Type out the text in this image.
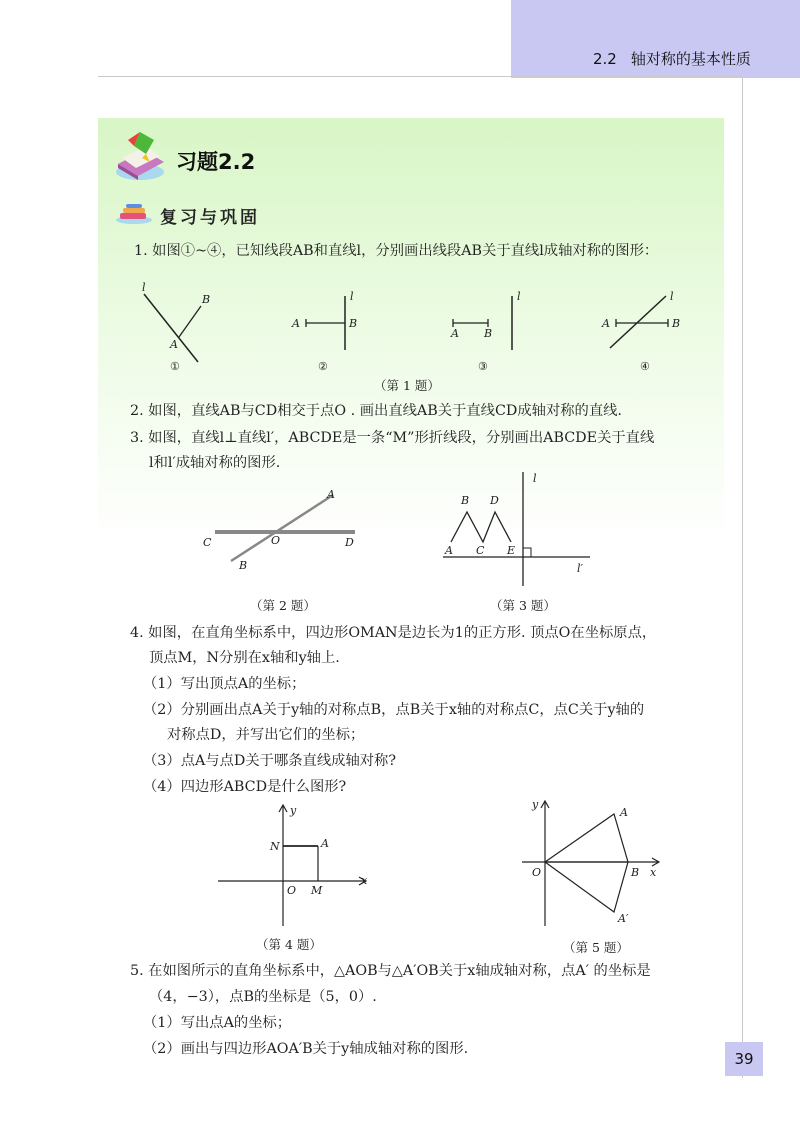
2.2 轴对称的基本性质
习题2.2
复习与巩固
1. 如图①~④，已知线段AB和直线l，分别画出线段AB关于直线l成轴对称的图形：
l
B
A
①
l
A	B
②
l
A B
③
l
A	B
④
（第 1 题）
2. 如图，直线AB与CD相交于点O . 画出直线AB关于直线CD成轴对称的直线.
3. 如图，直线l⊥直线l′，ABCDE是一条“M”形折线段，分别画出ABCDE关于直线
l和l′成轴对称的图形.
C	D
O
A
B
（第 2 题）
l
l′
B D
A C E
（第 3 题）
4. 如图，在直角坐标系中，四边形OMAN是边长为1的正方形. 顶点O在坐标原点，
顶点M，N分别在x轴和y轴上.
（1）写出顶点A的坐标；
（2）分别画出点A关于y轴的对称点B，点B关于x轴的对称点C，点C关于y轴的
对称点D，并写出它们的坐标；
（3）点A与点D关于哪条直线成轴对称?
（4）四边形ABCD是什么图形?
y
x
N	A
O M
（第 4 题）
y
x
O
A
B
A′
（第 5 题）
5. 在如图所示的直角坐标系中，△AOB与△A′OB关于x轴成轴对称，点A′ 的坐标是
（4，−3），点B的坐标是（5，0）.
（1）写出点A的坐标；
（2）画出与四边形AOA′B关于y轴成轴对称的图形.
39
